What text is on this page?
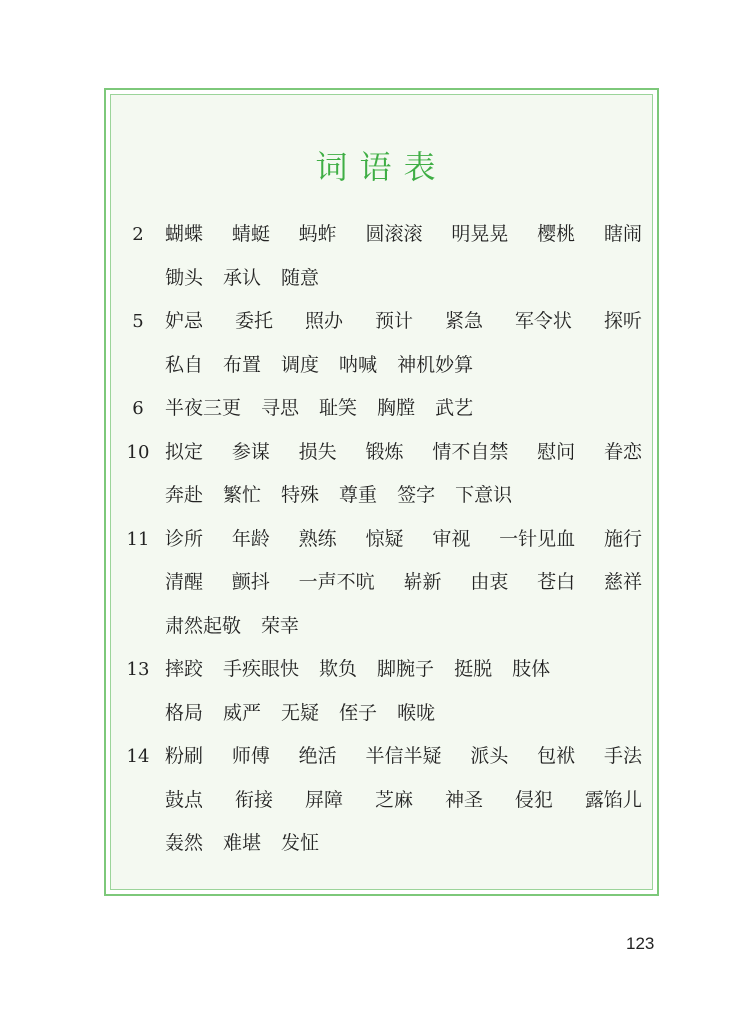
词语表
2	蝴蝶 蜻蜓 蚂蚱 圆滚滚 明晃晃 樱桃 瞎闹
锄头 承认 随意
5	妒忌 委托 照办 预计 紧急 军令状 探听
私自 布置 调度 呐喊 神机妙算
6	半夜三更 寻思 耻笑 胸膛 武艺
10 拟定 参谋 损失 锻炼 情不自禁 慰问 眷恋
奔赴 繁忙 特殊 尊重 签字 下意识
11 诊所 年龄 熟练 惊疑 审视 一针见血 施行
清醒 颤抖 一声不吭 崭新 由衷 苍白 慈祥
肃然起敬 荣幸
13 摔跤 手疾眼快 欺负 脚腕子 挺脱 肢体
格局 威严 无疑 侄子 喉咙
14 粉刷 师傅 绝活 半信半疑 派头 包袱 手法
鼓点 衔接 屏障 芝麻 神圣 侵犯 露馅儿
轰然 难堪 发怔
123
